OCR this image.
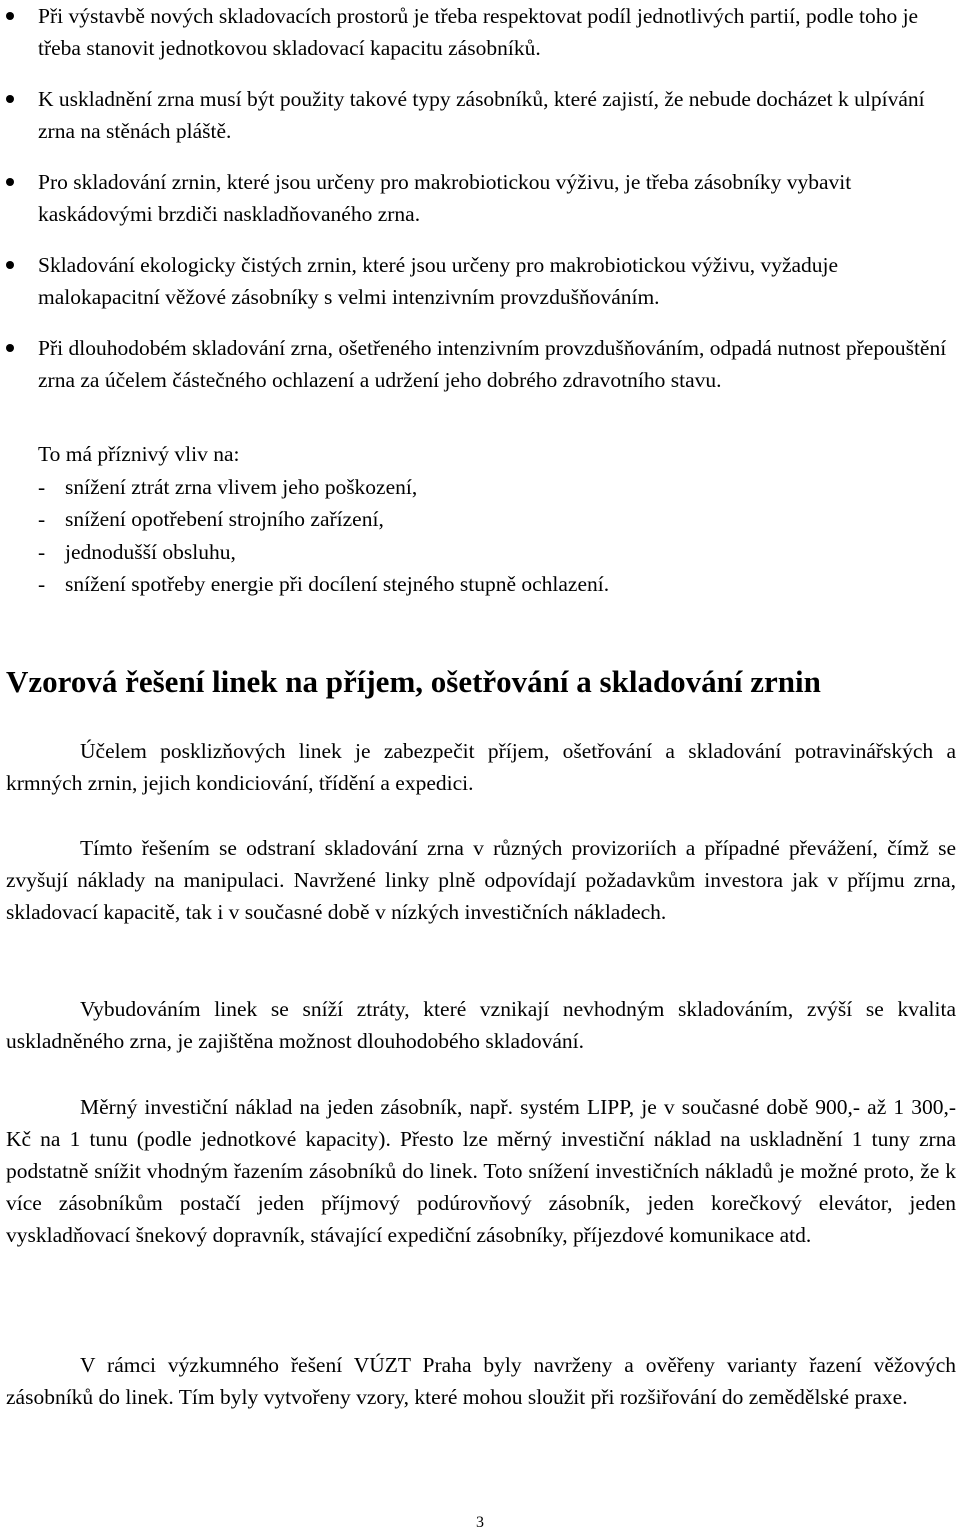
Při výstavbě nových skladovacích prostorů je třeba respektovat podíl jednotlivých partií, podle toho je třeba stanovit jednotkovou skladovací kapacitu zásobníků.
K uskladnění zrna musí být použity takové typy zásobníků, které zajistí, že nebude docházet k ulpívání zrna na stěnách pláště.
Pro skladování zrnin, které jsou určeny pro makrobiotickou výživu, je třeba zásobníky vybavit kaskádovými brzdiči naskladňovaného zrna.
Skladování ekologicky čistých zrnin, které jsou určeny pro makrobiotickou výživu, vyžaduje malokapacitní věžové zásobníky s velmi intenzivním provzdušňováním.
Při dlouhodobém skladování zrna, ošetřeného intenzivním provzdušňováním, odpadá nutnost přepouštění zrna za účelem částečného ochlazení a udržení jeho dobrého zdravotního stavu.
To má příznivý vliv na:
- snížení ztrát zrna vlivem jeho poškození,
- snížení opotřebení strojního zařízení,
- jednodušší obsluhu,
- snížení spotřeby energie při docílení stejného stupně ochlazení.
Vzorová řešení linek na příjem, ošetřování a skladování zrnin

Účelem posklizňových linek je zabezpečit příjem, ošetřování a skladování potravinářských a krmných zrnin, jejich kondiciování, třídění a expedici.

Tímto řešením se odstraní skladování zrna v různých provizoriích a případné převážení, čímž se zvyšují náklady na manipulaci. Navržené linky plně odpovídají požadavkům investora jak v příjmu zrna, skladovací kapacitě, tak i v současné době v nízkých investičních nákladech.

Vybudováním linek se sníží ztráty, které vznikají nevhodným skladováním, zvýší se kvalita uskladněného zrna, je zajištěna možnost dlouhodobého skladování.

Měrný investiční náklad na jeden zásobník, např. systém LIPP, je v současné době 900,- až 1 300,- Kč na 1 tunu (podle jednotkové kapacity). Přesto lze měrný investiční náklad na uskladnění 1 tuny zrna podstatně snížit vhodným řazením zásobníků do linek. Toto snížení investičních nákladů je možné proto, že k více zásobníkům postačí jeden příjmový podúrovňový zásobník, jeden korečkový elevátor, jeden vyskladňovací šnekový dopravník, stávající expediční zásobníky, příjezdové komunikace atd.

V rámci výzkumného řešení VÚZT Praha byly navrženy a ověřeny varianty řazení věžových zásobníků do linek. Tím byly vytvořeny vzory, které mohou sloužit při rozšiřování do zemědělské praxe.

3
